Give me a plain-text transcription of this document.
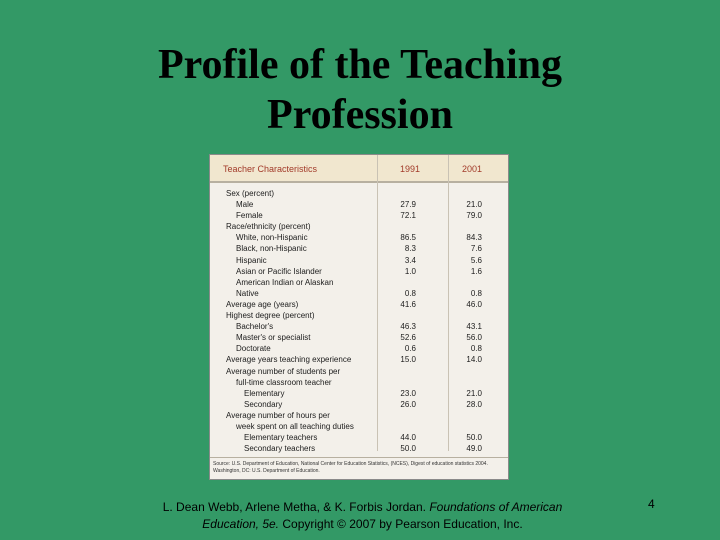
Profile of the Teaching
Profession
Teacher Characteristics	1991	2001
Sex (percent)
Male	27.9	21.0
Female	72.1	79.0
Race/ethnicity (percent)
White, non-Hispanic	86.5	84.3
Black, non-Hispanic	8.3	7.6
Hispanic	3.4	5.6
Asian or Pacific Islander	1.0	1.6
American Indian or Alaskan
Native	0.8	0.8
Average age (years)	41.6	46.0
Highest degree (percent)
Bachelor's	46.3	43.1
Master's or specialist	52.6	56.0
Doctorate	0.6	0.8
Average years teaching experience	15.0	14.0
Average number of students per
full-time classroom teacher
Elementary	23.0	21.0
Secondary	26.0	28.0
Average number of hours per
week spent on all teaching duties
Elementary teachers	44.0	50.0
Secondary teachers	50.0	49.0
Source: U.S. Department of Education, National Center for Education Statistics, (NCES), Digest of education statistics 2004. Washington, DC: U.S. Department of Education.
L. Dean Webb, Arlene Metha, & K. Forbis Jordan. Foundations of American Education, 5e. Copyright © 2007 by Pearson Education, Inc.
4
